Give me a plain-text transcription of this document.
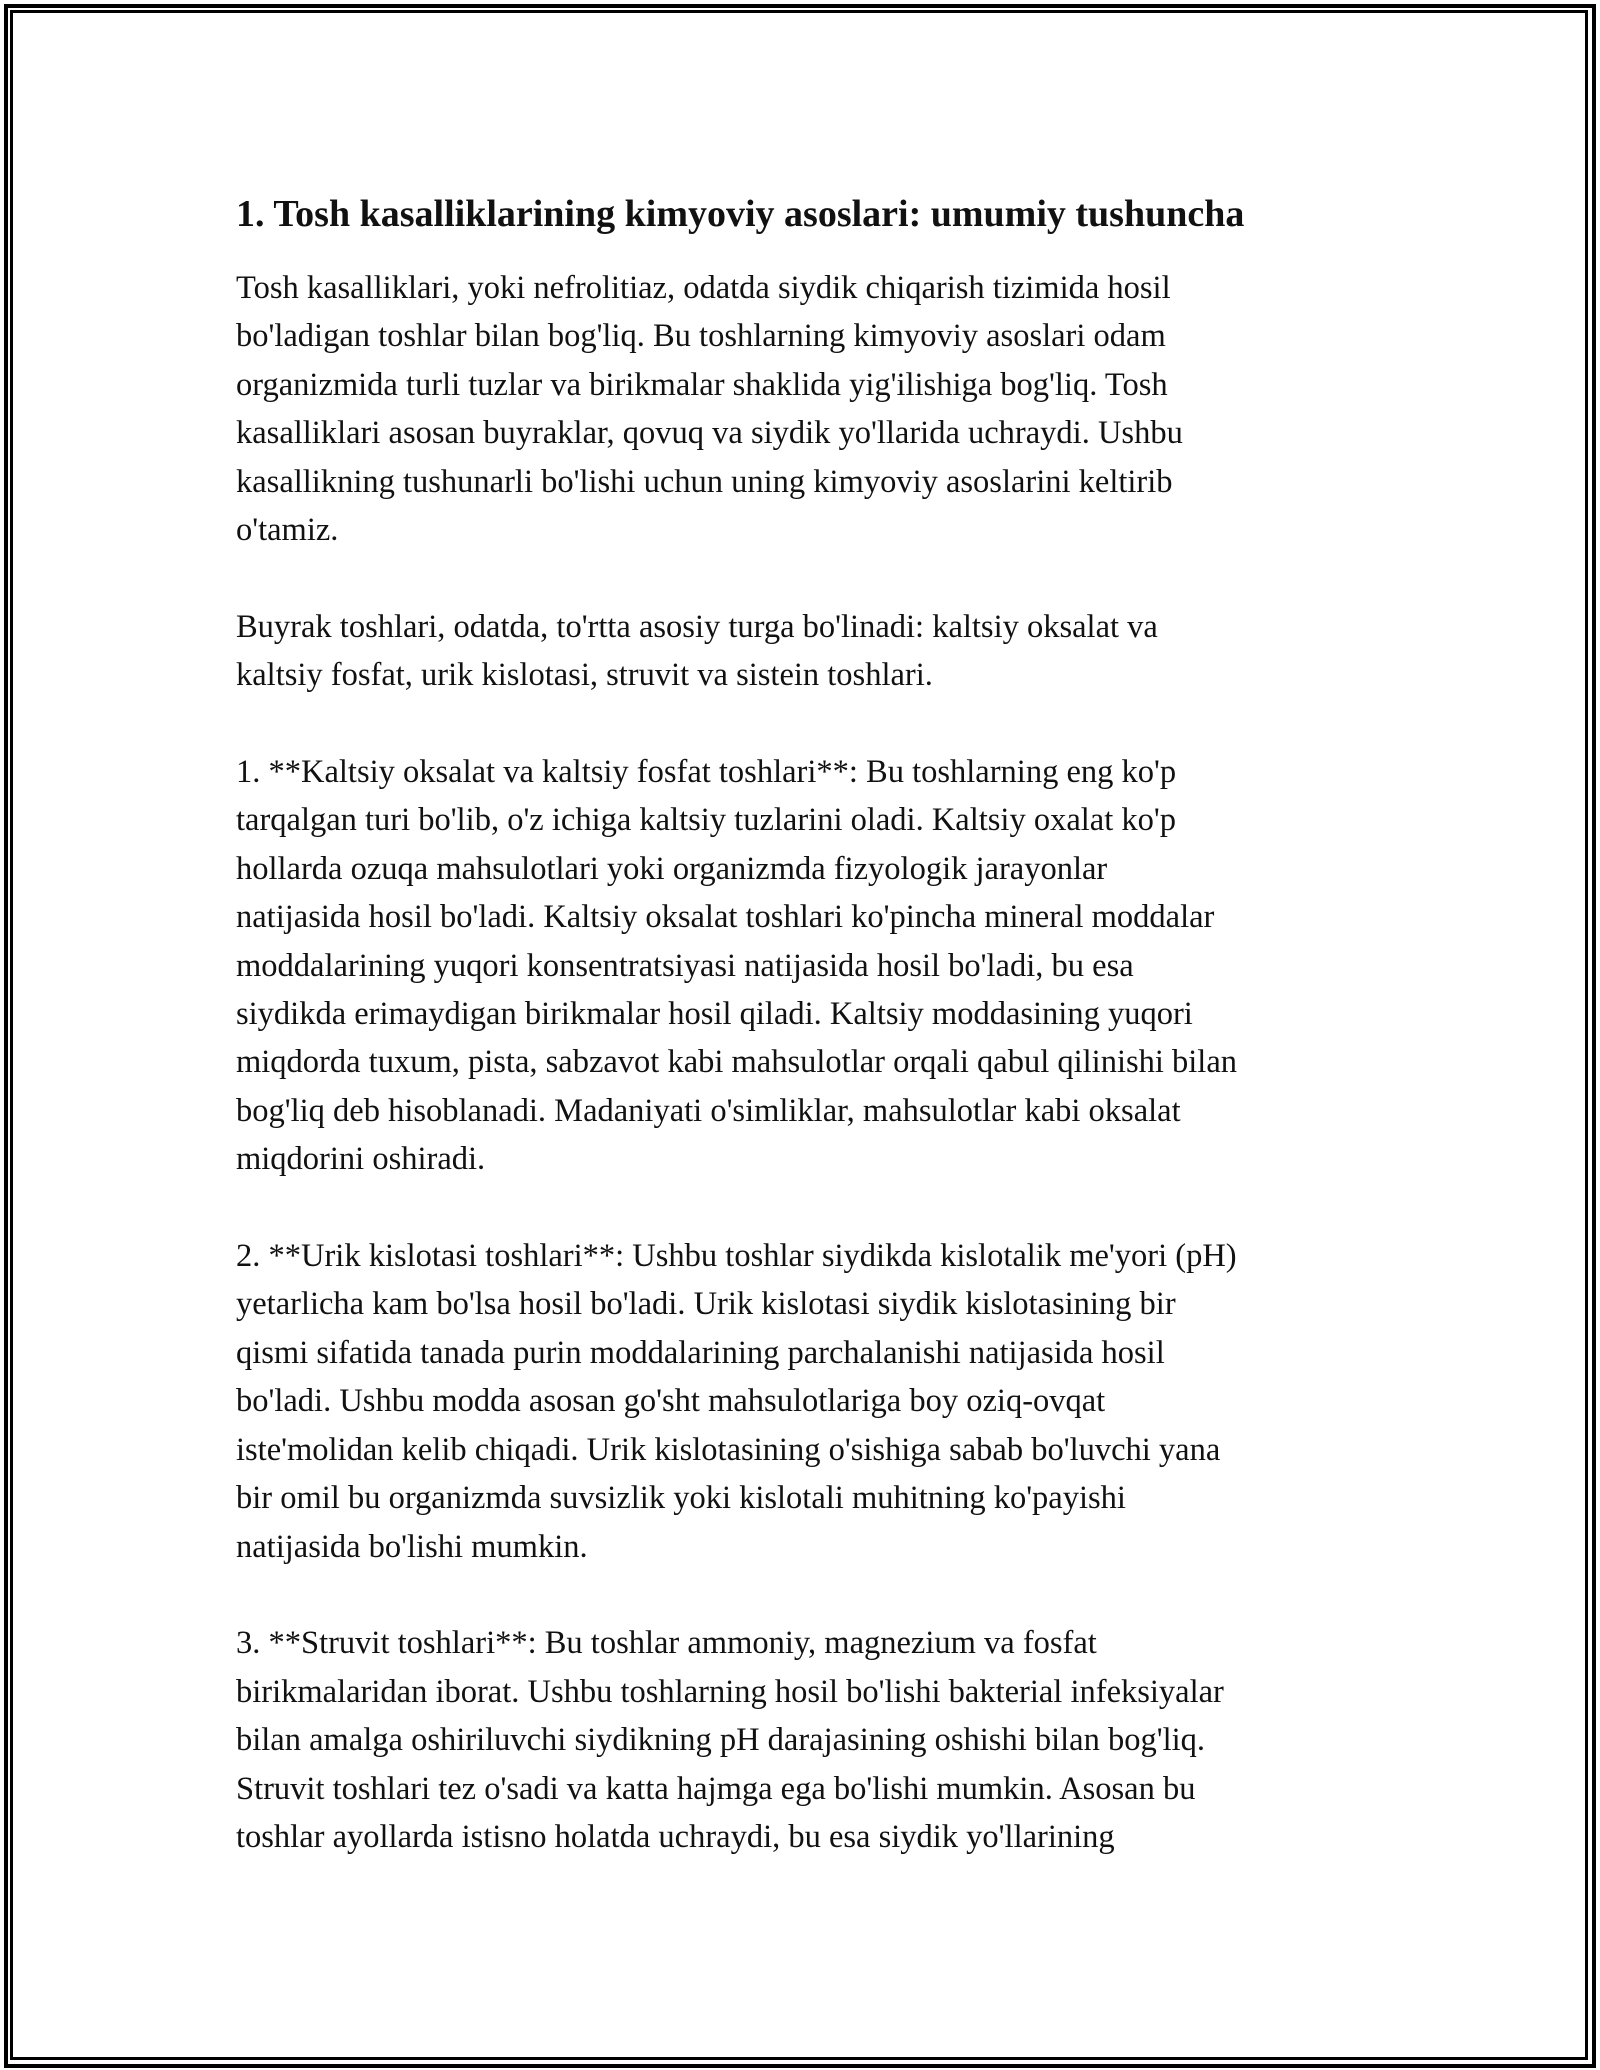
1. Tosh kasalliklarining kimyoviy asoslari: umumiy tushuncha

Tosh kasalliklari, yoki nefrolitiaz, odatda siydik chiqarish tizimida hosil
bo'ladigan toshlar bilan bog'liq. Bu toshlarning kimyoviy asoslari odam
organizmida turli tuzlar va birikmalar shaklida yig'ilishiga bog'liq. Tosh
kasalliklari asosan buyraklar, qovuq va siydik yo'llarida uchraydi. Ushbu
kasallikning tushunarli bo'lishi uchun uning kimyoviy asoslarini keltirib
o'tamiz.

Buyrak toshlari, odatda, to'rtta asosiy turga bo'linadi: kaltsiy oksalat va
kaltsiy fosfat, urik kislotasi, struvit va sistein toshlari.

1. **Kaltsiy oksalat va kaltsiy fosfat toshlari**: Bu toshlarning eng ko'p
tarqalgan turi bo'lib, o'z ichiga kaltsiy tuzlarini oladi. Kaltsiy oxalat ko'p
hollarda ozuqa mahsulotlari yoki organizmda fizyologik jarayonlar
natijasida hosil bo'ladi. Kaltsiy oksalat toshlari ko'pincha mineral moddalar
moddalarining yuqori konsentratsiyasi natijasida hosil bo'ladi, bu esa
siydikda erimaydigan birikmalar hosil qiladi. Kaltsiy moddasining yuqori
miqdorda tuxum, pista, sabzavot kabi mahsulotlar orqali qabul qilinishi bilan
bog'liq deb hisoblanadi. Madaniyati o'simliklar, mahsulotlar kabi oksalat
miqdorini oshiradi.

2. **Urik kislotasi toshlari**: Ushbu toshlar siydikda kislotalik me'yori (pH)
yetarlicha kam bo'lsa hosil bo'ladi. Urik kislotasi siydik kislotasining bir
qismi sifatida tanada purin moddalarining parchalanishi natijasida hosil
bo'ladi. Ushbu modda asosan go'sht mahsulotlariga boy oziq-ovqat
iste'molidan kelib chiqadi. Urik kislotasining o'sishiga sabab bo'luvchi yana
bir omil bu organizmda suvsizlik yoki kislotali muhitning ko'payishi
natijasida bo'lishi mumkin.

3. **Struvit toshlari**: Bu toshlar ammoniy, magnezium va fosfat
birikmalaridan iborat. Ushbu toshlarning hosil bo'lishi bakterial infeksiyalar
bilan amalga oshiriluvchi siydikning pH darajasining oshishi bilan bog'liq.
Struvit toshlari tez o'sadi va katta hajmga ega bo'lishi mumkin. Asosan bu
toshlar ayollarda istisno holatda uchraydi, bu esa siydik yo'llarining
